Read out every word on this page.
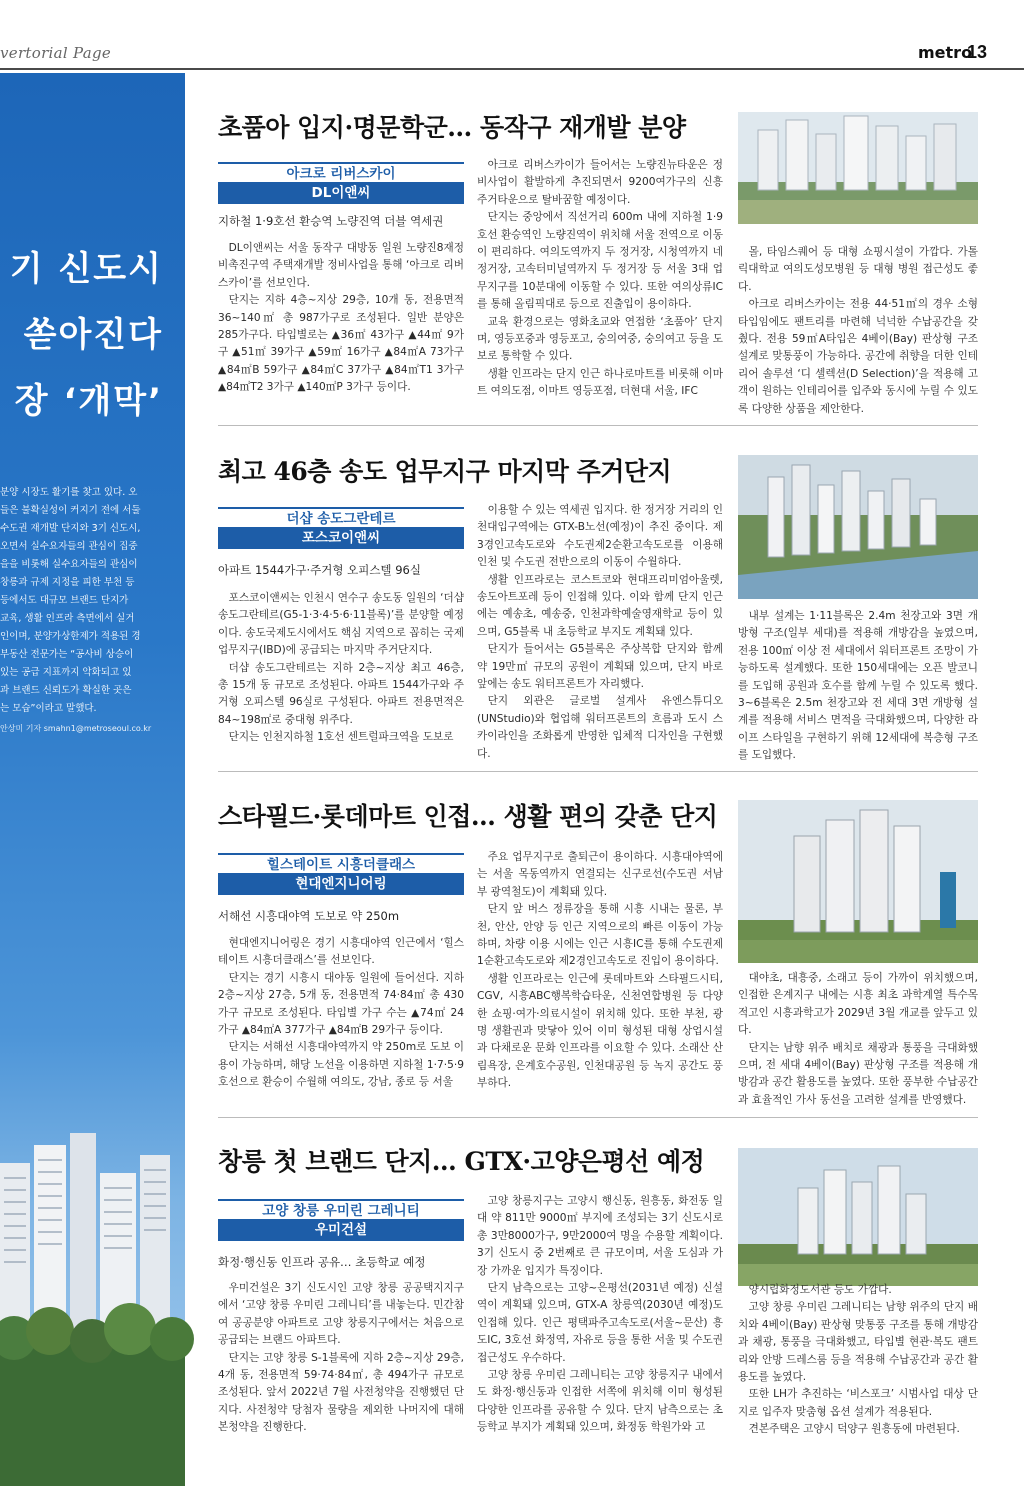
vertorial Page	metro
13
기 신도시
쏟아진다
장 ‘개막’
분양 시장도 활기를 찾고 있다. 오
들은 불확실성이 커지기 전에 서둘
수도권 재개발 단지와 3기 신도시,
오면서 실수요자들의 관심이 집중
을을 비롯해 실수요자들의 관심이
창릉과 규제 지정을 피한 부천 등
등에서도 대규모 브랜드 단지가
교육, 생활 인프라 측면에서 실거
인이며, 분양가상한제가 적용된 경
부동산 전문가는 “공사비 상승이
있는 공급 지표까지 악화되고 있
과 브랜드 신뢰도가 확실한 곳은
는 모습”이라고 말했다.
안상미 기자 smahn1@metroseoul.co.kr
초품아 입지·명문학군… 동작구 재개발 분양
아크로 리버스카이
DL이앤씨
지하철 1·9호선 환승역 노량진역 더블 역세권

DL이앤씨는 서울 동작구 대방동 일원 노량진8재정비촉진구역 주택재개발 정비사업을 통해 ‘아크로 리버스카이’를 선보인다.

단지는 지하 4층~지상 29층, 10개 동, 전용면적 36~140㎡ 총 987가구로 조성된다. 일반 분양은 285가구다. 타입별로는 ▲36㎡ 43가구 ▲44㎡ 9가구 ▲51㎡ 39가구 ▲59㎡ 16가구 ▲84㎡A 73가구 ▲84㎡B 59가구 ▲84㎡C 37가구 ▲84㎡T1 3가구 ▲84㎡T2 3가구 ▲140㎡P 3가구 등이다.

아크로 리버스카이가 들어서는 노량진뉴타운은 정비사업이 활발하게 추진되면서 9200여가구의 신흥 주거타운으로 탈바꿈할 예정이다.

단지는 중앙에서 직선거리 600m 내에 지하철 1·9호선 환승역인 노량진역이 위치해 서울 전역으로 이동이 편리하다. 여의도역까지 두 정거장, 시청역까지 네 정거장, 고속터미널역까지 두 정거장 등 서울 3대 업무지구를 10분대에 이동할 수 있다. 또한 여의상류IC를 통해 올림픽대로 등으로 진출입이 용이하다.

교육 환경으로는 영화초교와 연접한 ‘초품아’ 단지며, 영등포중과 영등포고, 숭의여중, 숭의여고 등을 도보로 통학할 수 있다.

생활 인프라는 단지 인근 하나로마트를 비롯해 이마트 여의도점, 이마트 영등포점, 더현대 서울, IFC

몰, 타임스퀘어 등 대형 쇼핑시설이 가깝다. 가톨릭대학교 여의도성모병원 등 대형 병원 접근성도 좋다.

아크로 리버스카이는 전용 44·51㎡의 경우 소형 타입임에도 팬트리를 마련해 넉넉한 수납공간을 갖췄다. 전용 59㎡A타입은 4베이(Bay) 판상형 구조 설계로 맞통풍이 가능하다. 공간에 취향을 더한 인테리어 솔루션 ‘디 셀렉션(D Selection)’을 적용해 고객이 원하는 인테리어를 입주와 동시에 누릴 수 있도록 다양한 상품을 제안한다.

최고 46층 송도 업무지구 마지막 주거단지
더샵 송도그란테르
포스코이앤씨
아파트 1544가구·주거형 오피스텔 96실

포스코이앤씨는 인천시 연수구 송도동 일원의 ‘더샵 송도그란테르(G5-1·3·4·5·6·11블록)’를 분양할 예정이다. 송도국제도시에서도 핵심 지역으로 꼽히는 국제업무지구(IBD)에 공급되는 마지막 주거단지다.

더샵 송도그란테르는 지하 2층~지상 최고 46층, 총 15개 동 규모로 조성된다. 아파트 1544가구와 주거형 오피스텔 96실로 구성된다. 아파트 전용면적은 84~198㎡로 중대형 위주다.

단지는 인천지하철 1호선 센트럴파크역을 도보로

이용할 수 있는 역세권 입지다. 한 정거장 거리의 인천대입구역에는 GTX-B노선(예정)이 추진 중이다. 제3경인고속도로와 수도권제2순환고속도로를 이용해 인천 및 수도권 전반으로의 이동이 수월하다.

생활 인프라로는 코스트코와 현대프리미엄아울렛, 송도아트포레 등이 인접해 있다. 이와 함께 단지 인근에는 예송초, 예송중, 인천과학예술영재학교 등이 있으며, G5블록 내 초등학교 부지도 계획돼 있다.

단지가 들어서는 G5블록은 주상복합 단지와 함께 약 19만㎡ 규모의 공원이 계획돼 있으며, 단지 바로 앞에는 송도 워터프론트가 자리했다.

단지 외관은 글로벌 설계사 유엔스튜디오(UNStudio)와 협업해 워터프론트의 흐름과 도시 스카이라인을 조화롭게 반영한 입체적 디자인을 구현했다.

내부 설계는 1·11블록은 2.4m 천장고와 3면 개방형 구조(일부 세대)를 적용해 개방감을 높였으며, 전용 100㎡ 이상 전 세대에서 워터프론트 조망이 가능하도록 설계했다. 또한 150세대에는 오픈 발코니를 도입해 공원과 호수를 함께 누릴 수 있도록 했다. 3~6블록은 2.5m 천장고와 전 세대 3면 개방형 설계를 적용해 서비스 면적을 극대화했으며, 다양한 라이프 스타일을 구현하기 위해 12세대에 복층형 구조를 도입했다.

스타필드·롯데마트 인접… 생활 편의 갖춘 단지
힐스테이트 시흥더클래스
현대엔지니어링
서해선 시흥대야역 도보로 약 250m

현대엔지니어링은 경기 시흥대야역 인근에서 ‘힐스테이트 시흥더클래스’를 선보인다.

단지는 경기 시흥시 대야동 일원에 들어선다. 지하 2층~지상 27층, 5개 동, 전용면적 74·84㎡ 총 430가구 규모로 조성된다. 타입별 가구 수는 ▲74㎡ 24가구 ▲84㎡A 377가구 ▲84㎡B 29가구 등이다.

단지는 서해선 시흥대야역까지 약 250m로 도보 이용이 가능하며, 해당 노선을 이용하면 지하철 1·7·5·9호선으로 환승이 수월해 여의도, 강남, 종로 등 서울

주요 업무지구로 출퇴근이 용이하다. 시흥대야역에는 서울 목동역까지 연결되는 신구로선(수도권 서남부 광역철도)이 계획돼 있다.

단지 앞 버스 정류장을 통해 시흥 시내는 물론, 부천, 안산, 안양 등 인근 지역으로의 빠른 이동이 가능하며, 차량 이용 시에는 인근 시흥IC를 통해 수도권제1순환고속도로와 제2경인고속도로 진입이 용이하다.

생활 인프라로는 인근에 롯데마트와 스타필드시티, CGV, 시흥ABC행복학습타운, 신천연합병원 등 다양한 쇼핑·여가·의료시설이 위치해 있다. 또한 부천, 광명 생활권과 맞닿아 있어 이미 형성된 대형 상업시설과 다채로운 문화 인프라를 이요할 수 있다. 소래산 산림욕장, 은계호수공원, 인천대공원 등 녹지 공간도 풍부하다.

대야초, 대흥중, 소래고 등이 가까이 위치했으며, 인접한 은계지구 내에는 시흥 최초 과학계열 특수목적고인 시흥과학고가 2029년 3월 개교를 앞두고 있다.

단지는 남향 위주 배치로 채광과 통풍을 극대화했으며, 전 세대 4베이(Bay) 판상형 구조를 적용해 개방감과 공간 활용도를 높였다. 또한 풍부한 수납공간과 효율적인 가사 동선을 고려한 설계를 반영했다.

창릉 첫 브랜드 단지… GTX·고양은평선 예정
고양 창릉 우미린 그레니티
우미건설
화정·행신동 인프라 공유… 초등학교 예정

우미건설은 3기 신도시인 고양 창릉 공공택지지구에서 ‘고양 창릉 우미린 그레니티’를 내놓는다. 민간참여 공공분양 아파트로 고양 창릉지구에서는 처음으로 공급되는 브랜드 아파트다.

단지는 고양 창릉 S-1블록에 지하 2층~지상 29층, 4개 동, 전용면적 59·74·84㎡, 총 494가구 규모로 조성된다. 앞서 2022년 7월 사전청약을 진행했던 단지다. 사전청약 당첨자 물량을 제외한 나머지에 대해 본청약을 진행한다.

고양 창릉지구는 고양시 행신동, 원흥동, 화전동 일대 약 811만 9000㎡ 부지에 조성되는 3기 신도시로 총 3만8000가구, 9만2000여 명을 수용할 계획이다. 3기 신도시 중 2번째로 큰 규모이며, 서울 도심과 가장 가까운 입지가 특징이다.

단지 남측으로는 고양~은평선(2031년 예정) 신설역이 계획돼 있으며, GTX-A 창릉역(2030년 예정)도 인접해 있다. 인근 평택파주고속도로(서울~문산) 흥도IC, 3호선 화정역, 자유로 등을 통한 서울 및 수도권 접근성도 우수하다.

고양 창릉 우미린 그레니티는 고양 창릉지구 내에서도 화정·행신동과 인접한 서쪽에 위치해 이미 형성된 다양한 인프라를 공유할 수 있다. 단지 남측으로는 초등학교 부지가 계획돼 있으며, 화정동 학원가와 고

양시립화정도서관 등도 가깝다.

고양 창릉 우미린 그레니티는 남향 위주의 단지 배치와 4베이(Bay) 판상형 맞통풍 구조를 통해 개방감과 채광, 통풍을 극대화했고, 타입별 현관·복도 팬트리와 안방 드레스룸 등을 적용해 수납공간과 공간 활용도를 높였다.

또한 LH가 추진하는 ‘비스포크’ 시범사업 대상 단지로 입주자 맞춤형 옵션 설계가 적용된다.

견본주택은 고양시 덕양구 원흥동에 마련된다.
